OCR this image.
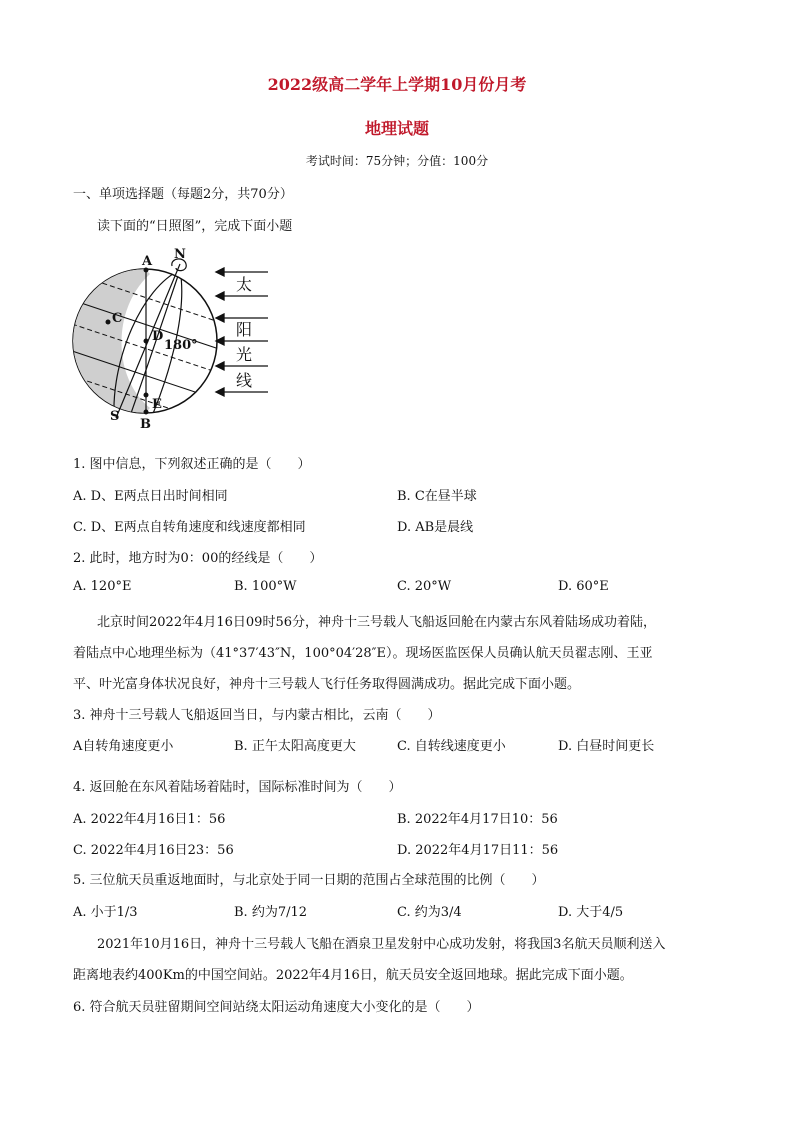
2022级高二学年上学期10月份月考
地理试题
考试时间：75分钟；分值：100分
一、单项选择题（每题2分，共70分）
读下面的“日照图”，完成下面小题
A N
C
D
180°
S
E
B
太
阳
光
线
1. 图中信息，下列叙述正确的是（　　）
A. D、E两点日出时间相同	B. C在昼半球
C. D、E两点自转角速度和线速度都相同	D. AB是晨线
2. 此时，地方时为0：00的经线是（　　）
A. 120°E	B. 100°W	C. 20°W	D. 60°E
北京时间2022年4月16日09时56分，神舟十三号载人飞船返回舱在内蒙古东风着陆场成功着陆，
着陆点中心地理坐标为（41°37′43″N，100°04′28″E）。现场医监医保人员确认航天员翟志刚、王亚
平、叶光富身体状况良好，神舟十三号载人飞行任务取得圆满成功。据此完成下面小题。
3. 神舟十三号载人飞船返回当日，与内蒙古相比，云南（　　）
A自转角速度更小	B. 正午太阳高度更大	C. 自转线速度更小	D. 白昼时间更长
4. 返回舱在东风着陆场着陆时，国际标准时间为（　　）
A. 2022年4月16日1：56	B. 2022年4月17日10：56
C. 2022年4月16日23：56	D. 2022年4月17日11：56
5. 三位航天员重返地面时，与北京处于同一日期的范围占全球范围的比例（　　）
A. 小于1/3	B. 约为7/12	C. 约为3/4	D. 大于4/5
2021年10月16日，神舟十三号载人飞船在酒泉卫星发射中心成功发射，将我国3名航天员顺利送入
距离地表约400Km的中国空间站。2022年4月16日，航天员安全返回地球。据此完成下面小题。
6. 符合航天员驻留期间空间站绕太阳运动角速度大小变化的是（　　）
